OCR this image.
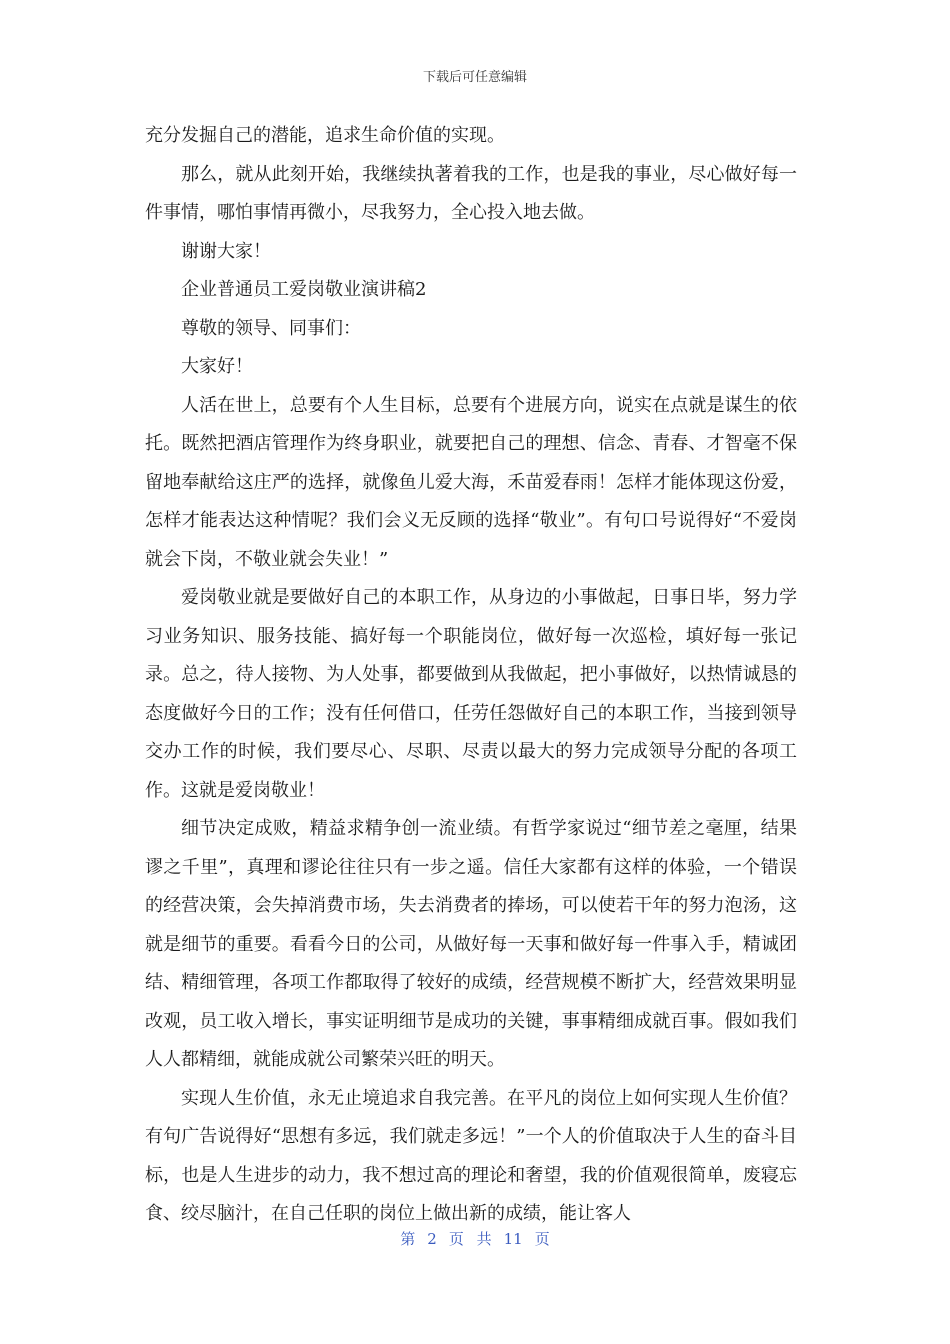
下载后可任意编辑

充分发掘自己的潜能，追求生命价值的实现。

那么，就从此刻开始，我继续执著着我的工作，也是我的事业，尽心做好每一件事情，哪怕事情再微小，尽我努力，全心投入地去做。

谢谢大家！

企业普通员工爱岗敬业演讲稿2

尊敬的领导、同事们：

大家好！

人活在世上，总要有个人生目标，总要有个进展方向，说实在点就是谋生的依托。既然把酒店管理作为终身职业，就要把自己的理想、信念、青春、才智毫不保留地奉献给这庄严的选择，就像鱼儿爱大海，禾苗爱春雨！怎样才能体现这份爱，怎样才能表达这种情呢？我们会义无反顾的选择“敬业”。有句口号说得好“不爱岗就会下岗，不敬业就会失业！”

爱岗敬业就是要做好自己的本职工作，从身边的小事做起，日事日毕，努力学习业务知识、服务技能、搞好每一个职能岗位，做好每一次巡检，填好每一张记录。总之，待人接物、为人处事，都要做到从我做起，把小事做好，以热情诚恳的态度做好今日的工作；没有任何借口，任劳任怨做好自己的本职工作，当接到领导交办工作的时候，我们要尽心、尽职、尽责以最大的努力完成领导分配的各项工作。这就是爱岗敬业！

细节决定成败，精益求精争创一流业绩。有哲学家说过“细节差之毫厘，结果谬之千里”，真理和谬论往往只有一步之遥。信任大家都有这样的体验，一个错误的经营决策，会失掉消费市场，失去消费者的捧场，可以使若干年的努力泡汤，这就是细节的重要。看看今日的公司，从做好每一天事和做好每一件事入手，精诚团结、精细管理，各项工作都取得了较好的成绩，经营规模不断扩大，经营效果明显改观，员工收入增长，事实证明细节是成功的关键，事事精细成就百事。假如我们人人都精细，就能成就公司繁荣兴旺的明天。

实现人生价值，永无止境追求自我完善。在平凡的岗位上如何实现人生价值？有句广告说得好“思想有多远，我们就走多远！”一个人的价值取决于人生的奋斗目标，也是人生进步的动力，我不想过高的理论和奢望，我的价值观很简单，废寝忘食、绞尽脑汁，在自己任职的岗位上做出新的成绩，能让客人

第 2 页 共 11 页
